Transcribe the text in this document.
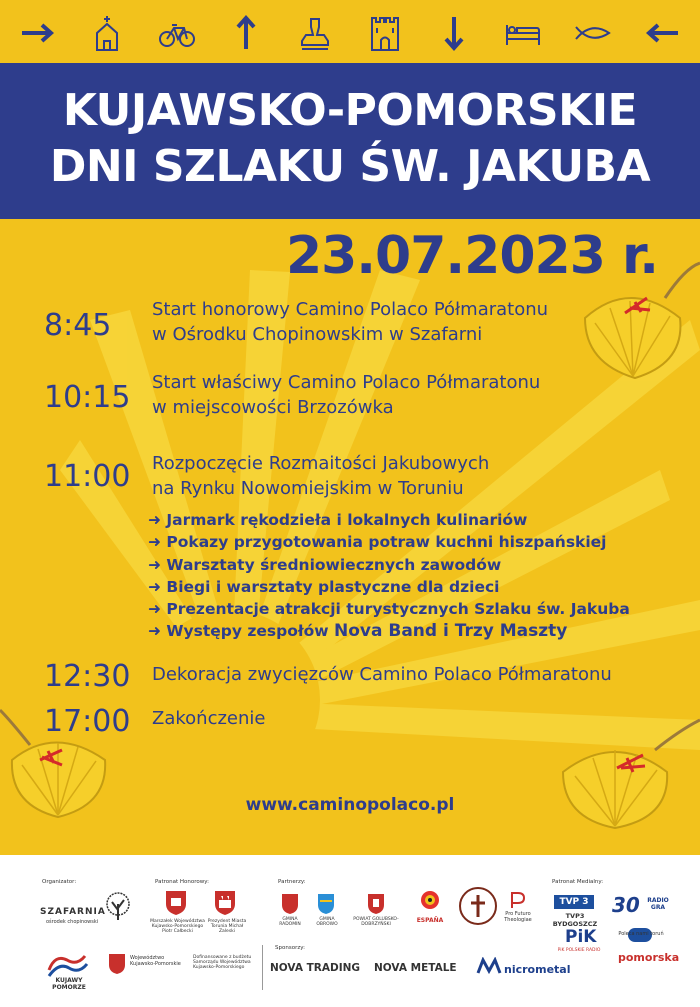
KUJAWSKO-POMORSKIE
DNI SZLAKU ŚW. JAKUBA
23.07.2023 r.
8:45 Start honorowy Camino Polaco Półmaratonu
w Ośrodku Chopinowskim w Szafarni
10:15 Start właściwy Camino Polaco Półmaratonu
w miejscowości Brzozówka
11:00 Rozpoczęcie Rozmaitości Jakubowych
na Rynku Nowomiejskim w Toruniu
➜ Jarmark rękodzieła i lokalnych kulinariów
➜ Pokazy przygotowania potraw kuchni hiszpańskiej
➜ Warsztaty średniowiecznych zawodów
➜ Biegi i warsztaty plastyczne dla dzieci
➜ Prezentacje atrakcji turystycznych Szlaku św. Jakuba
➜ Występy zespołów Nova Band i Trzy Maszty
12:30 Dekoracja zwycięzców Camino Polaco Półmaratonu
17:00 Zakończenie
www.caminopolaco.pl
Organizator:	Patronat Honorowy:	Partnerzy:	Patronat Medialny:
SZAFARNIA
ośrodek chopinowski	Marszałek Województwa Kujawsko-Pomorskiego Piotr Całbecki
Prezydent Miasta Torunia Michał Zaleski
GMINA RADOMIN
GMINA OBROWO
POWIAT GOLUBSKO-DOBRZYŃSKI
ESPAÑA
Pro Futuro Theologiae
TVP 3
TVP3 BYDGOSZCZ
30	RADIO GRA
PiK
PiK POLSKIE RADIO
Poleca nami toruń
pomorska
KUJAWY POMORZE
Województwo Kujawsko-Pomorskie
Dofinansowane z budżetu Samorządu Województwa Kujawsko-Pomorskiego
Sponsorzy:
NOVA TRADING NOVA METALE	nicrometal
